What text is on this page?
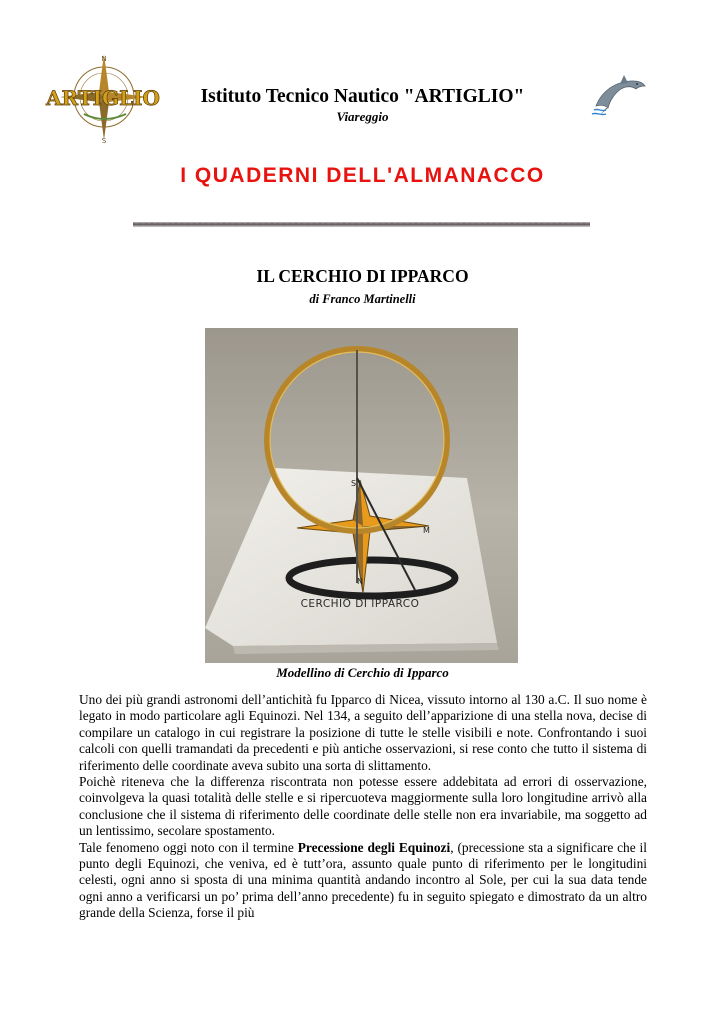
N
S
ARTIGLIO	Istituto Tecnico Nautico "ARTIGLIO"
Viareggio
I QUADERNI DELL'ALMANACCO
IL CERCHIO DI IPPARCO
di Franco Martinelli
S
M
N
CERCHIO DI IPPARCO
Modellino di Cerchio di Ipparco

Uno dei più grandi astronomi dell’antichità fu Ipparco di Nicea, vissuto intorno al 130 a.C. Il suo nome è legato in modo particolare agli Equinozi. Nel 134, a seguito dell’apparizione di una stella nova, decise di compilare un catalogo in cui registrare la posizione di tutte le stelle visibili e note. Confrontando i suoi calcoli con quelli tramandati da precedenti e più antiche osservazioni, si rese conto che tutto il sistema di riferimento delle coordinate aveva subito una sorta di slittamento.

Poichè riteneva che la differenza riscontrata non potesse essere addebitata ad errori di osservazione, coinvolgeva la quasi totalità delle stelle e si ripercuoteva maggiormente sulla loro longitudine arrivò alla conclusione che il sistema di riferimento delle coordinate delle stelle non era invariabile, ma soggetto ad un lentissimo, secolare spostamento.

Tale fenomeno oggi noto con il termine Precessione degli Equinozi, (precessione sta a significare che il punto degli Equinozi, che veniva, ed è tutt’ora, assunto quale punto di riferimento per le longitudini celesti, ogni anno si sposta di una minima quantità andando incontro al Sole, per cui la sua data tende ogni anno a verificarsi un po’ prima dell’anno precedente) fu in seguito spiegato e dimostrato da un altro grande della Scienza, forse il più
